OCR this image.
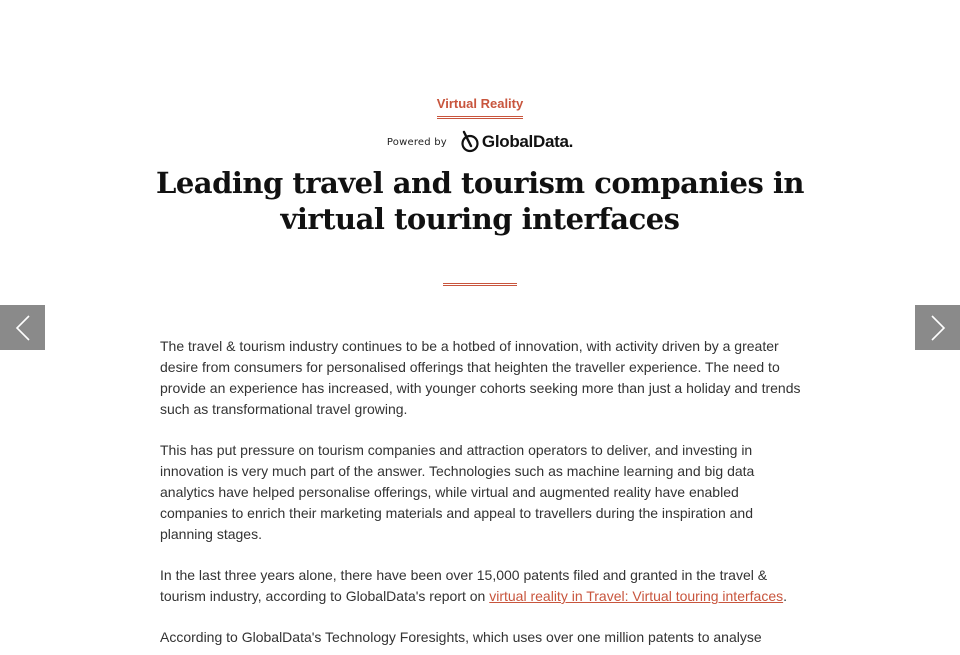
Virtual Reality
Powered by GlobalData.
Leading travel and tourism companies in virtual touring interfaces

The travel & tourism industry continues to be a hotbed of innovation, with activity driven by a greater desire from consumers for personalised offerings that heighten the traveller experience. The need to provide an experience has increased, with younger cohorts seeking more than just a holiday and trends such as transformational travel growing.

This has put pressure on tourism companies and attraction operators to deliver, and investing in innovation is very much part of the answer. Technologies such as machine learning and big data analytics have helped personalise offerings, while virtual and augmented reality have enabled companies to enrich their marketing materials and appeal to travellers during the inspiration and planning stages.

In the last three years alone, there have been over 15,000 patents filed and granted in the travel & tourism industry, according to GlobalData's report on virtual reality in Travel: Virtual touring interfaces.

According to GlobalData's Technology Foresights, which uses over one million patents to analyse
